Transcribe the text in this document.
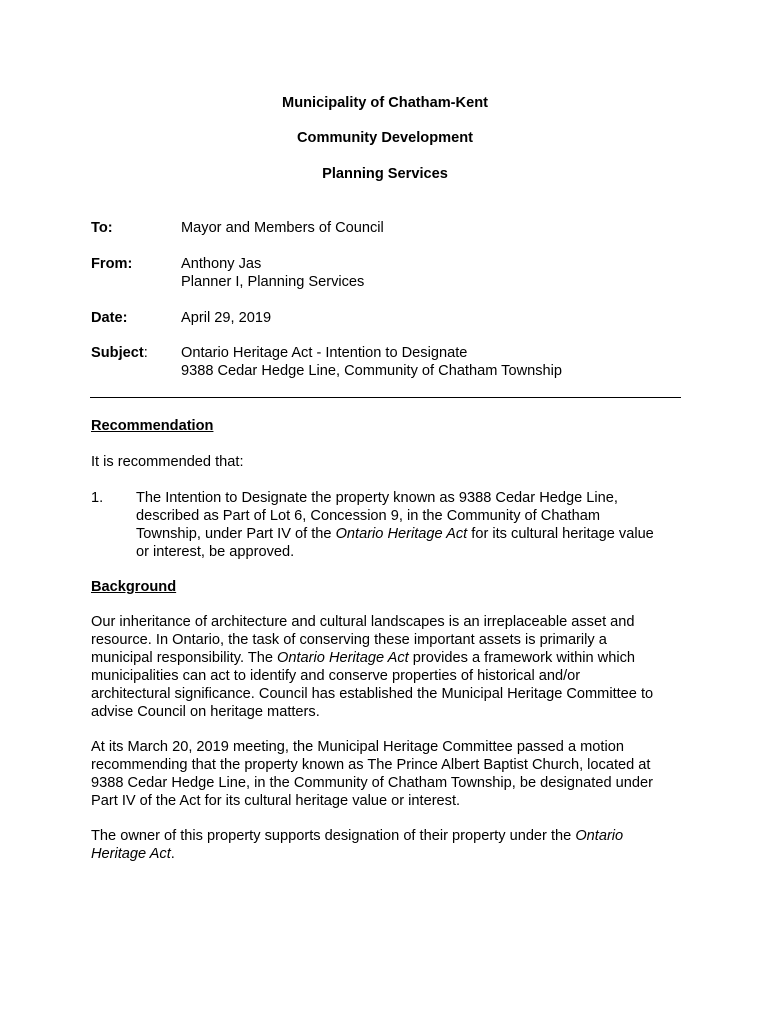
Municipality of Chatham-Kent
Community Development
Planning Services
To:	Mayor and Members of Council
From:	Anthony Jas
Planner I, Planning Services
Date:	April 29, 2019
Subject: Ontario Heritage Act - Intention to Designate
9388 Cedar Hedge Line, Community of Chatham Township
Recommendation
It is recommended that:
1. The Intention to Designate the property known as 9388 Cedar Hedge Line,
described as Part of Lot 6, Concession 9, in the Community of Chatham
Township, under Part IV of the Ontario Heritage Act for its cultural heritage value
or interest, be approved.
Background
Our inheritance of architecture and cultural landscapes is an irreplaceable asset and
resource. In Ontario, the task of conserving these important assets is primarily a
municipal responsibility. The Ontario Heritage Act provides a framework within which
municipalities can act to identify and conserve properties of historical and/or
architectural significance. Council has established the Municipal Heritage Committee to
advise Council on heritage matters.
At its March 20, 2019 meeting, the Municipal Heritage Committee passed a motion
recommending that the property known as The Prince Albert Baptist Church, located at
9388 Cedar Hedge Line, in the Community of Chatham Township, be designated under
Part IV of the Act for its cultural heritage value or interest.
The owner of this property supports designation of their property under the Ontario
Heritage Act.
